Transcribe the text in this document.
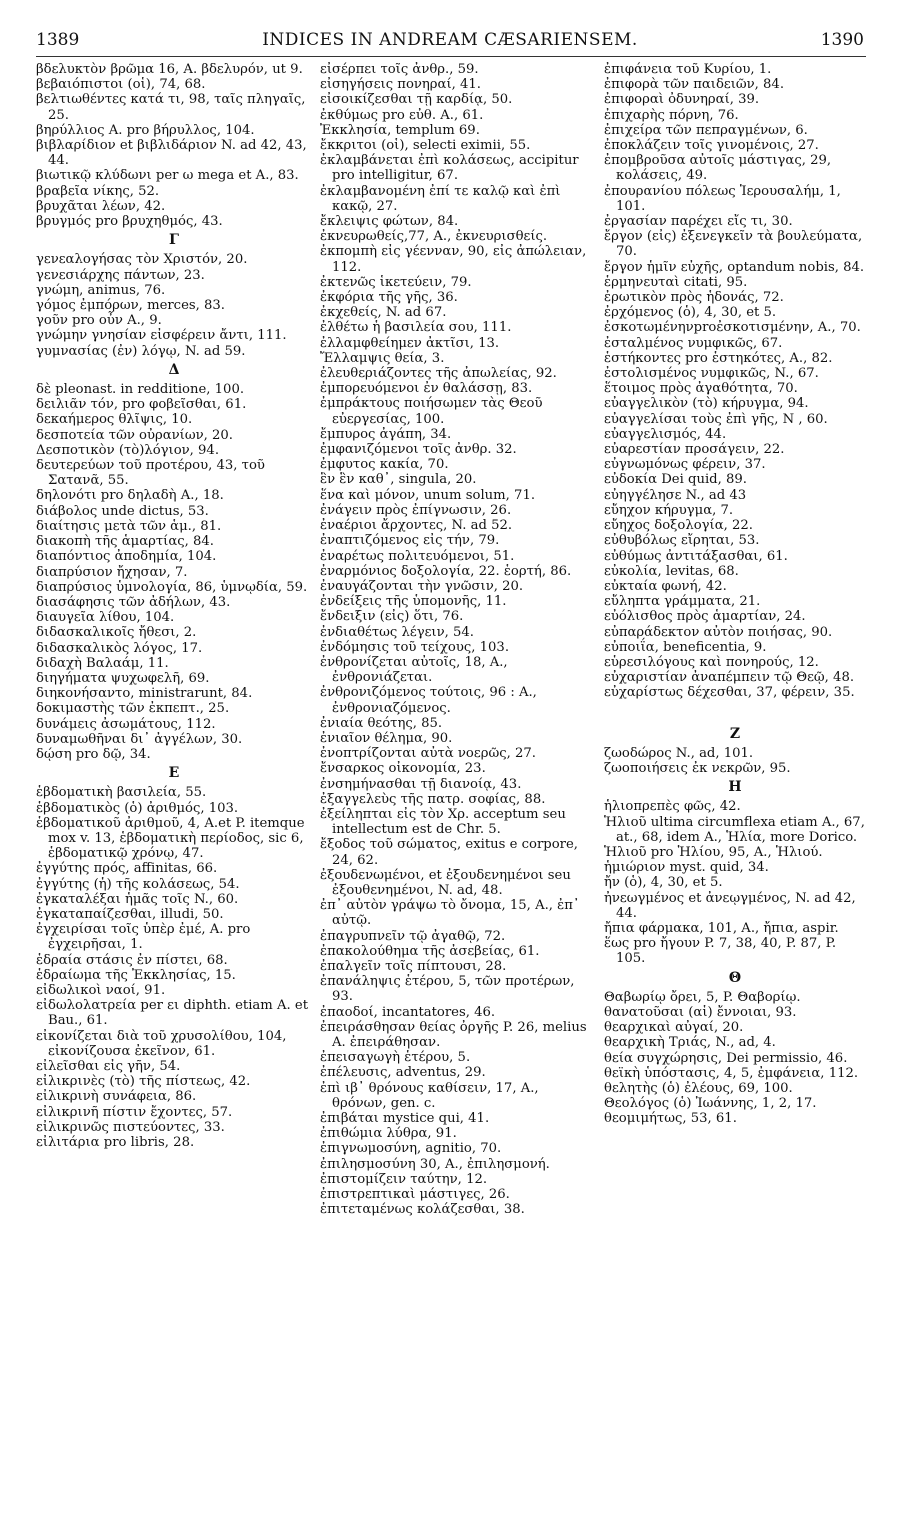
1389	INDICES IN ANDREAM CÆSARIENSEM.	1390
βδελυκτὸν βρῶμα 16, A. βδελυρόν, ut 9.
βεβαιόπιστοι (οἱ), 74, 68.
βελτιωθέντες κατά τι, 98, ταῖς πληγαῖς, 25.
βηρύλλιος A. pro βήρυλλος, 104.
βιβλαρίδιον et βιβλιδάριον N. ad 42, 43, 44.
βιωτικῷ κλύδωνι per ω mega et A., 83.
βραβεῖα νίκης, 52.
βρυχᾶται λέων, 42.
βρυγμός pro βρυχηθμός, 43.
Γ
γενεαλογήσας τὸν Χριστόν, 20.
γενεσιάρχης πάντων, 23.
γνώμη, animus, 76.
γόμος ἐμπόρων, merces, 83.
γοῦν pro οὖν A., 9.
γνώμην γνησίαν εἰσφέρειν ἄντι, 111.
γυμνασίας (ἐν) λόγῳ, N. ad 59.
Δ
δὲ pleonast. in redditione, 100.
δειλιᾶν τόν, pro φοβεῖσθαι, 61.
δεκαήμερος θλῖψις, 10.
δεσποτεία τῶν οὐρανίων, 20.
Δεσποτικὸν (τὸ)λόγιον, 94.
δευτερεύων τοῦ προτέρου, 43, τοῦ Σατανᾶ, 55.
δηλονότι pro δηλαδὴ A., 18.
διάβολος unde dictus, 53.
διαίτησις μετὰ τῶν ἁμ., 81.
διακοπὴ τῆς ἁμαρτίας, 84.
διαπόντιος ἀποδημία, 104.
διαπρύσιον ἤχησαν, 7.
διαπρύσιος ὑμνολογία, 86, ὑμνῳδία, 59.
διασάφησις τῶν ἀδήλων, 43.
διαυγεῖα λίθου, 104.
διδασκαλικοῖς ἤθεσι, 2.
διδασκαλικὸς λόγος, 17.
διδαχὴ Βαλαάμ, 11.
διηγήματα ψυχωφελῆ, 69.
διηκονήσαντο, ministrarunt, 84.
δοκιμαστὴς τῶν ἐκπεπτ., 25.
δυνάμεις ἀσωμάτους, 112.
δυναμωθῆναι δι᾽ ἀγγέλων, 30.
δῴση pro δῷ, 34.
Ε
ἑβδοματικὴ βασιλεία, 55.
ἑβδοματικὸς (ὁ) ἀριθμός, 103.
ἑβδοματικοῦ ἀριθμοῦ, 4, A.et P. itemque mox v. 13, ἑβδοματικὴ περίοδος, sic 6, ἑβδοματικῷ χρόνῳ, 47.
ἐγγύτης πρός, affinitas, 66.
ἐγγύτης (ἡ) τῆς κολάσεως, 54.
ἐγκαταλέξαι ἡμᾶς τοῖς N., 60.
ἐγκαταπαίζεσθαι, illudi, 50.
ἐγχειρίσαι τοῖς ὑπὲρ ἐμέ, A. pro ἐγχειρῆσαι, 1.
ἑδραία στάσις ἐν πίστει, 68.
ἑδραίωμα τῆς Ἐκκλησίας, 15.
εἰδωλικοὶ ναοί, 91.
εἰδωλολατρεία per ει diphth. etiam A. et Bau., 61.
εἰκονίζεται διὰ τοῦ χρυσολίθου, 104, εἰκονίζουσα ἐκεῖνον, 61.
εἰλεῖσθαι εἰς γῆν, 54.
εἰλικρινὲς (τὸ) τῆς πίστεως, 42.
εἰλικρινὴ συνάφεια, 86.
εἰλικρινῆ πίστιν ἔχοντες, 57.
εἰλικρινῶς πιστεύοντες, 33.
εἰλιτάρια pro libris, 28.
εἰσέρπει τοῖς ἀνθρ., 59.
εἰσηγήσεις πονηραί, 41.
εἰσοικίζεσθαι τῇ καρδίᾳ, 50.
ἐκθύμως pro εὐθ. A., 61.
Ἐκκλησία, templum 69.
ἔκκριτοι (οἱ), selecti eximii, 55.
ἐκλαμβάνεται ἐπὶ κολάσεως, accipitur pro intelligitur, 67.
ἐκλαμβανομένη ἐπί τε καλῷ καὶ ἐπὶ κακῷ, 27.
ἔκλειψις φώτων, 84.
ἐκνευρωθείς,77, A., ἐκνευρισθείς.
ἐκπομπὴ εἰς γέενναν, 90, εἰς ἀπώλειαν, 112.
ἐκτενῶς ἱκετεύειν, 79.
ἐκφόρια τῆς γῆς, 36.
ἐκχεθείς, N. ad 67.
ἐλθέτω ἡ βασιλεία σου, 111.
ἐλλαμφθείημεν ἀκτῖσι, 13.
Ἔλλαμψις θεία, 3.
ἐλευθεριάζοντες τῆς ἀπωλείας, 92.
ἐμπορευόμενοι ἐν θαλάσσῃ, 83.
ἐμπράκτους ποιήσωμεν τὰς Θεοῦ εὐεργεσίας, 100.
ἔμπυρος ἀγάπη, 34.
ἐμφανιζόμενοι τοῖς ἀνθρ. 32.
ἐμφυτος κακία, 70.
ἓν ἓν καθ᾽, singula, 20.
ἕνα καὶ μόνον, unum solum, 71.
ἐνάγειν πρὸς ἐπίγνωσιν, 26.
ἐναέριοι ἄρχοντες, N. ad 52.
ἐναπτιζόμενος εἰς τήν, 79.
ἐναρέτως πολιτευόμενοι, 51.
ἐναρμόνιος δοξολογία, 22. ἑορτή, 86.
ἐναυγάζονται τὴν γνῶσιν, 20.
ἐνδείξεις τῆς ὑπομονῆς, 11.
ἔνδειξιν (εἰς) ὅτι, 76.
ἐνδιαθέτως λέγειν, 54.
ἐνδόμησις τοῦ τείχους, 103.
ἐνθρονίζεται αὐτοῖς, 18, A., ἐνθρονιάζεται.
ἐνθρονιζόμενος τούτοις, 96 : A., ἐνθρονιαζόμενος.
ἐνιαία θεότης, 85.
ἐνιαῖον θέλημα, 90.
ἐνοπτρίζονται αὐτὰ νοερῶς, 27.
ἔνσαρκος οἰκονομία, 23.
ἐνσημήνασθαι τῇ διανοίᾳ, 43.
ἐξαγγελεὺς τῆς πατρ. σοφίας, 88.
ἐξείληπται εἰς τὸν Χρ. acceptum seu intellectum est de Chr. 5.
ἔξοδος τοῦ σώματος, exitus e corpore, 24, 62.
ἐξουδενωμένοι, et ἐξουδενημένοι seu ἐξουθενημένοι, N. ad, 48.
ἐπ᾽ αὐτὸν γράψω τὸ ὄνομα, 15, A., ἐπ᾽ αὐτῷ.
ἐπαγρυπνεῖν τῷ ἀγαθῷ, 72.
ἐπακολούθημα τῆς ἀσεβείας, 61.
ἐπαλγεῖν τοῖς πίπτουσι, 28.
ἐπανάληψις ἑτέρου, 5, τῶν προτέρων, 93.
ἐπαοδοί, incantatores, 46.
ἐπειράσθησαν θείας ὀργῆς P. 26, melius A. ἐπειράθησαν.
ἐπεισαγωγὴ ἑτέρου, 5.
ἐπέλευσις, adventus, 29.
ἐπὶ ιβ᾽ θρόνους καθίσειν, 17, A., θρόνων, gen. c.
ἐπιβάται mystice qui, 41.
ἐπιθώμια λύθρα, 91.
ἐπιγνωμοσύνη, agnitio, 70.
ἐπιλησμοσύνη 30, A., ἐπιλησμονή.
ἐπιστομίζειν ταύτην, 12.
ἐπιστρεπτικαὶ μάστιγες, 26.
ἐπιτεταμένως κολάζεσθαι, 38.
ἐπιφάνεια τοῦ Κυρίου, 1.
ἐπιφορὰ τῶν παιδειῶν, 84.
ἐπιφοραὶ ὀδυνηραί, 39.
ἐπιχαρὴς πόρνη, 76.
ἐπιχείρα τῶν πεπραγμένων, 6.
ἐποκλάζειν τοῖς γινομένοις, 27.
ἐπομβροῦσα αὐτοῖς μάστιγας, 29, κολάσεις, 49.
ἐπουρανίου πόλεως Ἱερουσαλήμ, 1, 101.
ἐργασίαν παρέχει εἴς τι, 30.
ἔργον (εἰς) ἐξενεγκεῖν τὰ βουλεύματα, 70.
ἔργον ἡμῖν εὐχῆς, optandum nobis, 84.
ἑρμηνευταὶ citati, 95.
ἐρωτικὸν πρὸς ἡδονάς, 72.
ἐρχόμενος (ὁ), 4, 30, et 5.
ἐσκοτωμένηνproἐσκοτισμένην, A., 70.
ἐσταλμένος νυμφικῶς, 67.
ἑστήκοντες pro ἑστηκότες, A., 82.
ἐστολισμένος νυμφικῶς, N., 67.
ἕτοιμος πρὸς ἀγαθότητα, 70.
εὐαγγελικὸν (τὸ) κήρυγμα, 94.
εὐαγγελίσαι τοὺς ἐπὶ γῆς, N , 60.
εὐαγγελισμός, 44.
εὐαρεστίαν προσάγειν, 22.
εὐγνωμόνως φέρειν, 37.
εὐδοκία Dei quid, 89.
εὐηγγέλησε N., ad 43
εὔηχον κήρυγμα, 7.
εὔηχος δοξολογία, 22.
εὐθυβόλως εἴρηται, 53.
εὐθύμως ἀντιτάξασθαι, 61.
εὐκολία, levitas, 68.
εὐκταία φωνή, 42.
εὔληπτα γράμματα, 21.
εὐόλισθος πρὸς ἁμαρτίαν, 24.
εὐπαράδεκτον αὐτὸν ποιήσας, 90.
εὐποιΐα, beneficentia, 9.
εὑρεσιλόγους καὶ πονηρούς, 12.
εὐχαριστίαν ἀναπέμπειν τῷ Θεῷ, 48.
εὐχαρίστως δέχεσθαι, 37, φέρειν, 35.
Z
ζωοδώρος N., ad, 101.
ζωοποιήσεις ἐκ νεκρῶν, 95.
H
ἡλιοπρεπὲς φῶς, 42.
Ἡλιοῦ ultima circumflexa etiam A., 67, at., 68, idem A., Ἡλία, more Dorico.
Ἡλιοῦ pro Ἡλίου, 95, A., Ἡλιού.
ἡμιώριον myst. quid, 34.
ἤν (ὁ), 4, 30, et 5.
ἠνεωγμένος et ἀνεῳγμένος, N. ad 42, 44.
ἤπια φάρμακα, 101, A., ἤπια, aspir.
ἕως pro ἤγουν P. 7, 38, 40, P. 87, P. 105.
Θ
Θαβωρίῳ ὄρει, 5, P. Θαβορίῳ.
θανατοῦσαι (αἱ) ἔννοιαι, 93.
θεαρχικαὶ αὐγαί, 20.
θεαρχικὴ Τριάς, N., ad, 4.
θεία συγχώρησις, Dei permissio, 46.
θεϊκὴ ὑπόστασις, 4, 5, ἐμφάνεια, 112.
θελητὴς (ὁ) ἐλέους, 69, 100.
Θεολόγος (ὁ) Ἰωάννης, 1, 2, 17.
θεομιμήτως, 53, 61.
